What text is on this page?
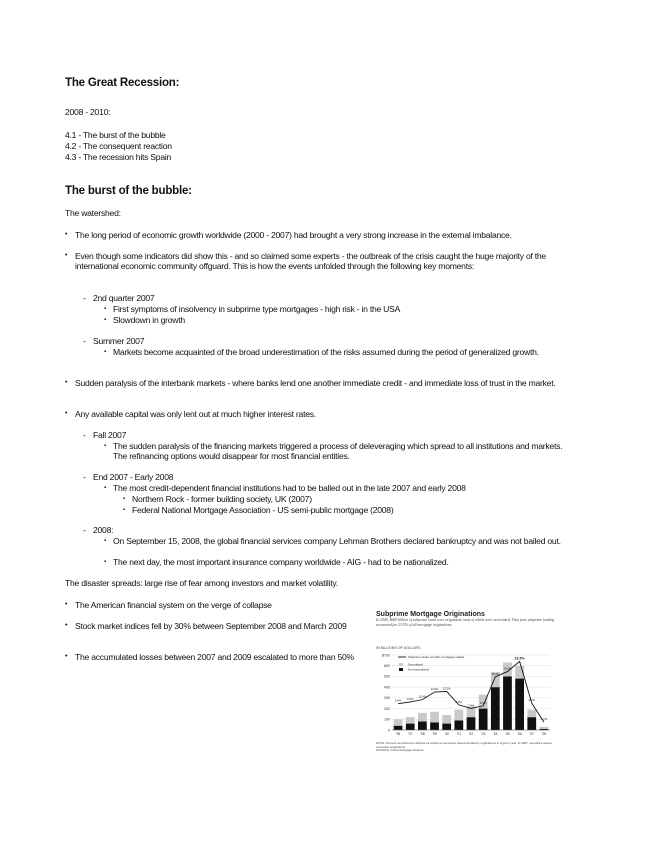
The Great Recession:
2008 - 2010:
4.1 - The burst of the bubble
4.2 - The consequent reaction
4.3 - The recession hits Spain
The burst of the bubble:
The watershed:
• The long period of economic growth worldwide (2000 - 2007) had brought a very strong increase in the external imbalance.
• Even though some indicators did show this - and so claimed some experts - the outbreak of the crisis caught the huge majority of the international economic community offguard. This is how the events unfolded through the following key moments:
- 2nd quarter 2007
▪ First symptoms of insolvency in subprime type mortgages - high risk - in the USA
▪ Slowdown in growth
- Summer 2007
▪ Markets become acquainted of the broad underestimation of the risks assumed during the period of generalized growth.
• Sudden paralysis of the interbank markets - where banks lend one another immediate credit - and immediate loss of trust in the market.
• Any available capital was only lent out at much higher interest rates.
- Fall 2007
▪ The sudden paralysis of the financing markets triggered a process of deleveraging which spread to all institutions and markets. The refinancing options would disappear for most financial entities.
- End 2007 - Early 2008
▪ The most credit-dependent financial institutions had to be balled out in the late 2007 and early 2008
▪ Northern Rock - former building society, UK (2007)
▪ Federal National Mortgage Association - US semi-public mortgage (2008)
- 2008:
▪ On September 15, 2008, the global financial services company Lehman Brothers declared bankruptcy and was not bailed out.
▪ The next day, the most important insurance company worldwide - AIG - had to be nationalized.
The disaster spreads: large rise of fear among investors and market volatility.
• The American financial system on the verge of collapse
• Stock market indices fell by 30% between September 2008 and March 2009
• The accumulated losses between 2007 and 2009 escalated to more than 50%
Subprime Mortgage Originations
In 2006, $600 billion of subprime loans were originated, most of which were securitized. That year, subprime lending accounted for 23.5% of all mortgage originations.
IN BILLIONS OF DOLLARS
$700
600
500
400
300
200
100
0
'96 '97 '98 '99 '00 '01 '02 '03 '04 '05 '06 '07 '08
9.0% 9.6%
10.4%
13.0% 13.2%
8.6%
7.4%
8.3%
18.2%
20.0%
23.5%
9.2%
2.7%
Subprime share of entire mortgage market
Securitized
Non-securitized
NOTE: Percent securitized is defined as subprime securities issued divided by originations in a given year. In 2007, securities issued exceeded originations.
SOURCE: Inside Mortgage Finance
